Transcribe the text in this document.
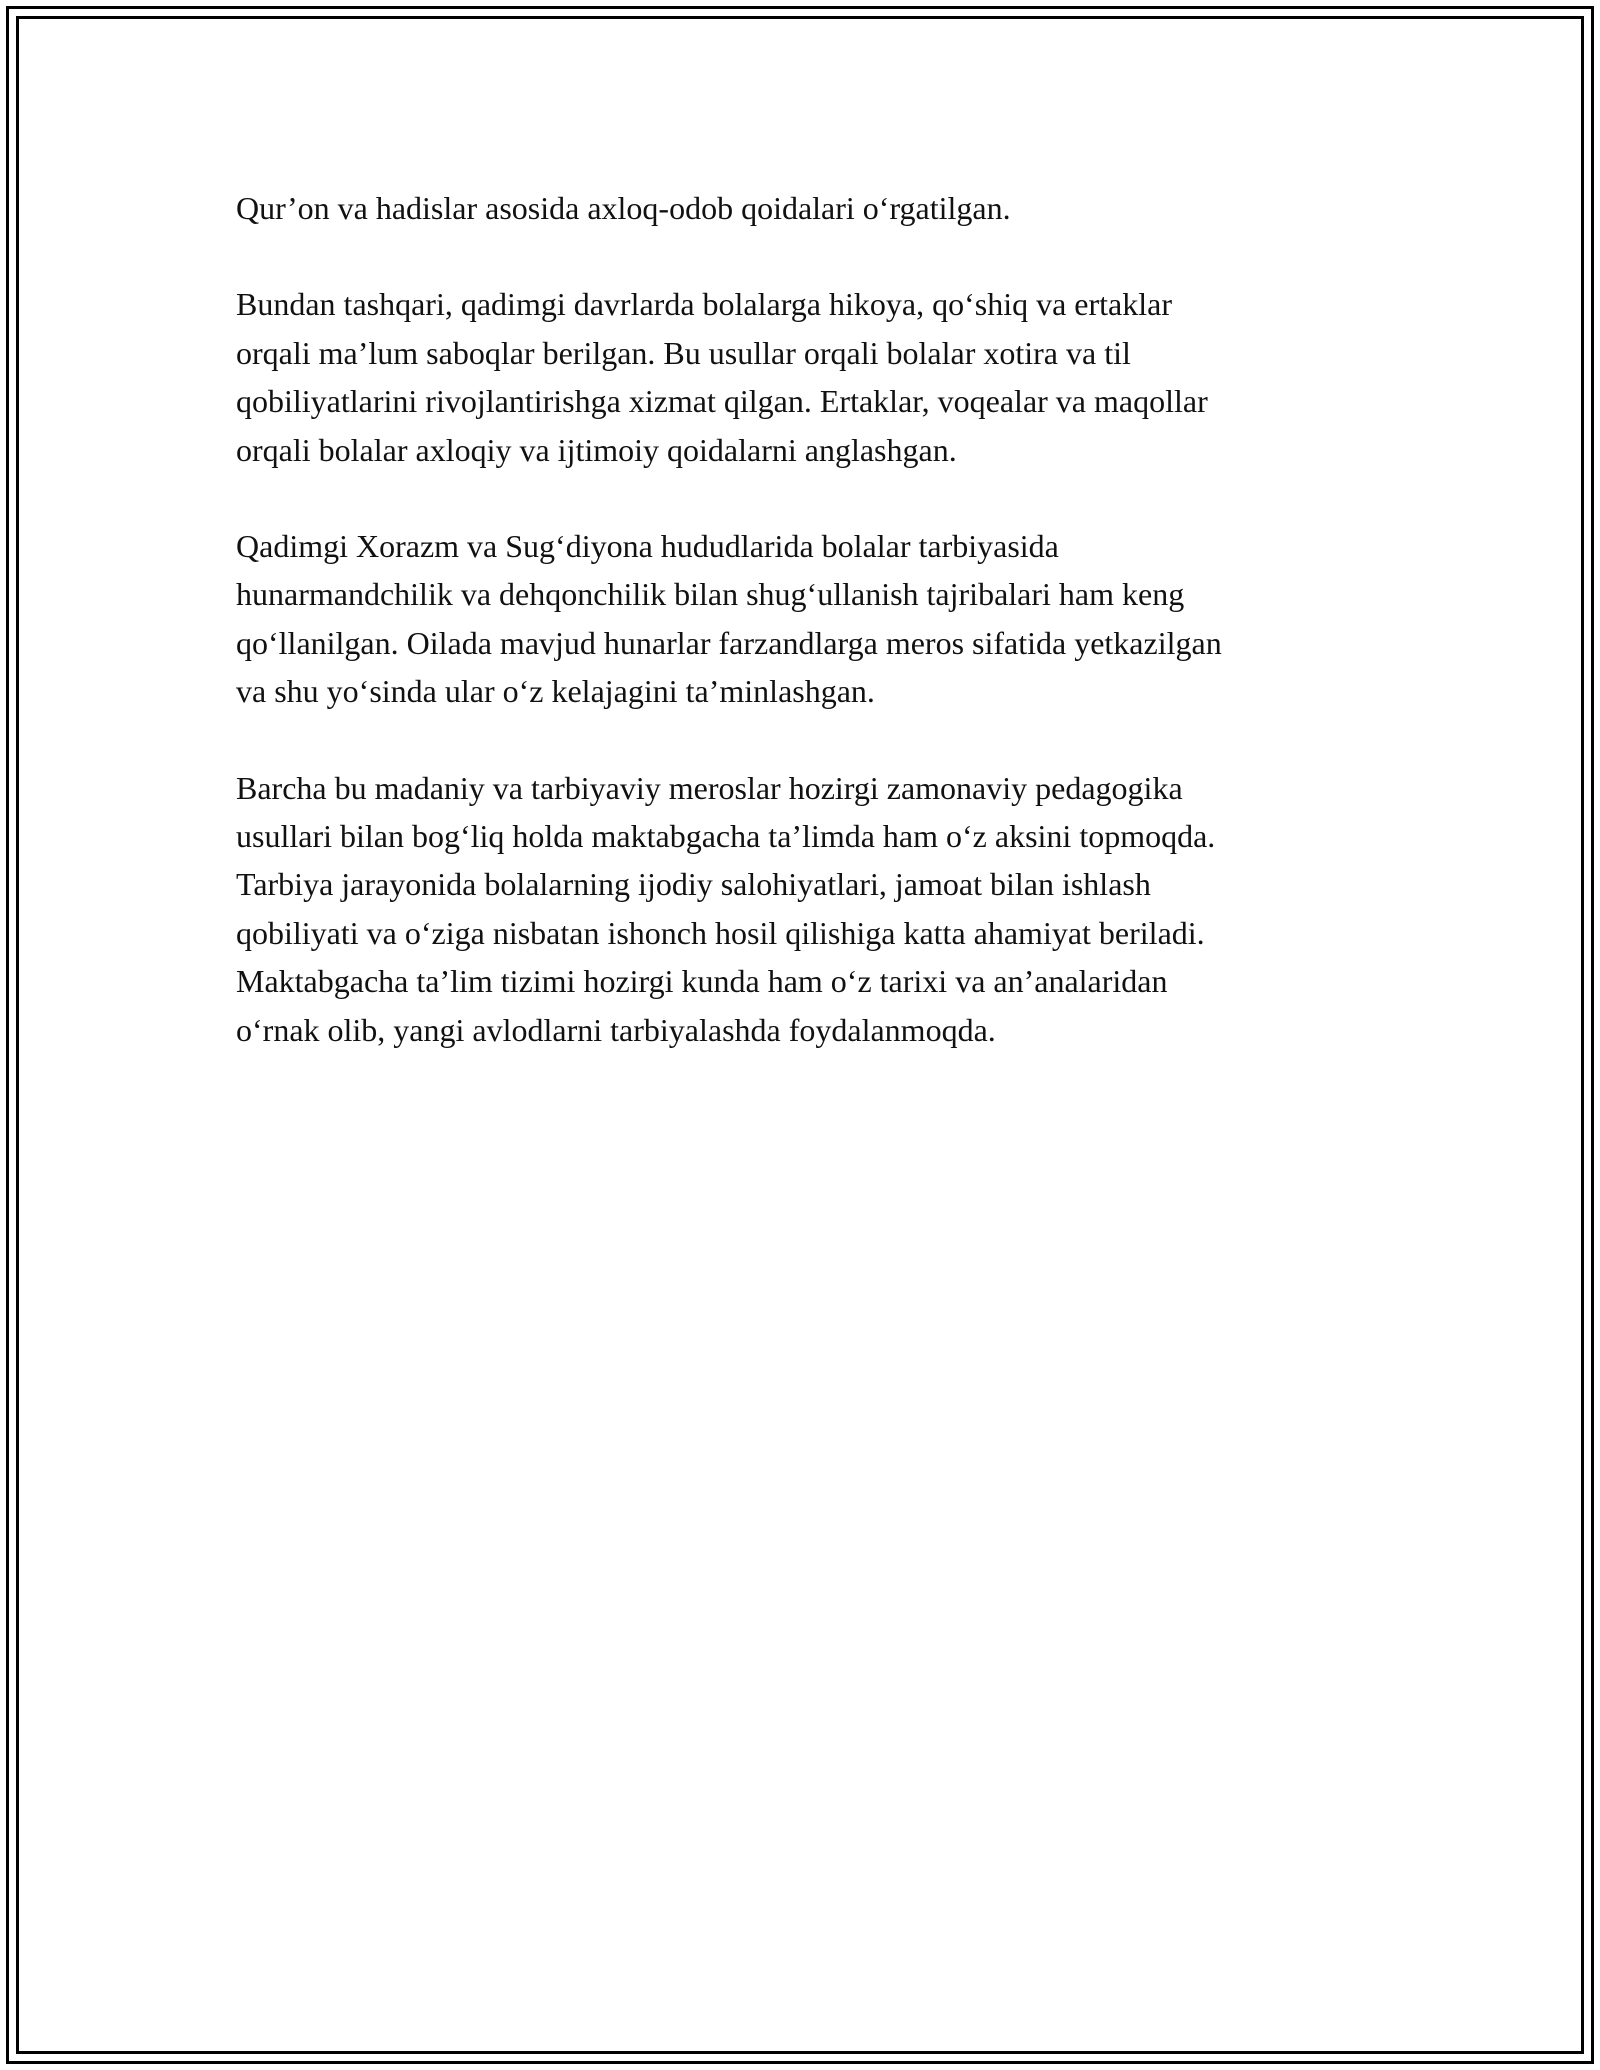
Qur’on va hadislar asosida axloq-odob qoidalari o‘rgatilgan.

Bundan tashqari, qadimgi davrlarda bolalarga hikoya, qo‘shiq va ertaklar
orqali ma’lum saboqlar berilgan. Bu usullar orqali bolalar xotira va til
qobiliyatlarini rivojlantirishga xizmat qilgan. Ertaklar, voqealar va maqollar
orqali bolalar axloqiy va ijtimoiy qoidalarni anglashgan.

Qadimgi Xorazm va Sug‘diyona hududlarida bolalar tarbiyasida
hunarmandchilik va dehqonchilik bilan shug‘ullanish tajribalari ham keng
qo‘llanilgan. Oilada mavjud hunarlar farzandlarga meros sifatida yetkazilgan
va shu yo‘sinda ular o‘z kelajagini ta’minlashgan.

Barcha bu madaniy va tarbiyaviy meroslar hozirgi zamonaviy pedagogika
usullari bilan bog‘liq holda maktabgacha ta’limda ham o‘z aksini topmoqda.
Tarbiya jarayonida bolalarning ijodiy salohiyatlari, jamoat bilan ishlash
qobiliyati va o‘ziga nisbatan ishonch hosil qilishiga katta ahamiyat beriladi.
Maktabgacha ta’lim tizimi hozirgi kunda ham o‘z tarixi va an’analaridan
o‘rnak olib, yangi avlodlarni tarbiyalashda foydalanmoqda.
